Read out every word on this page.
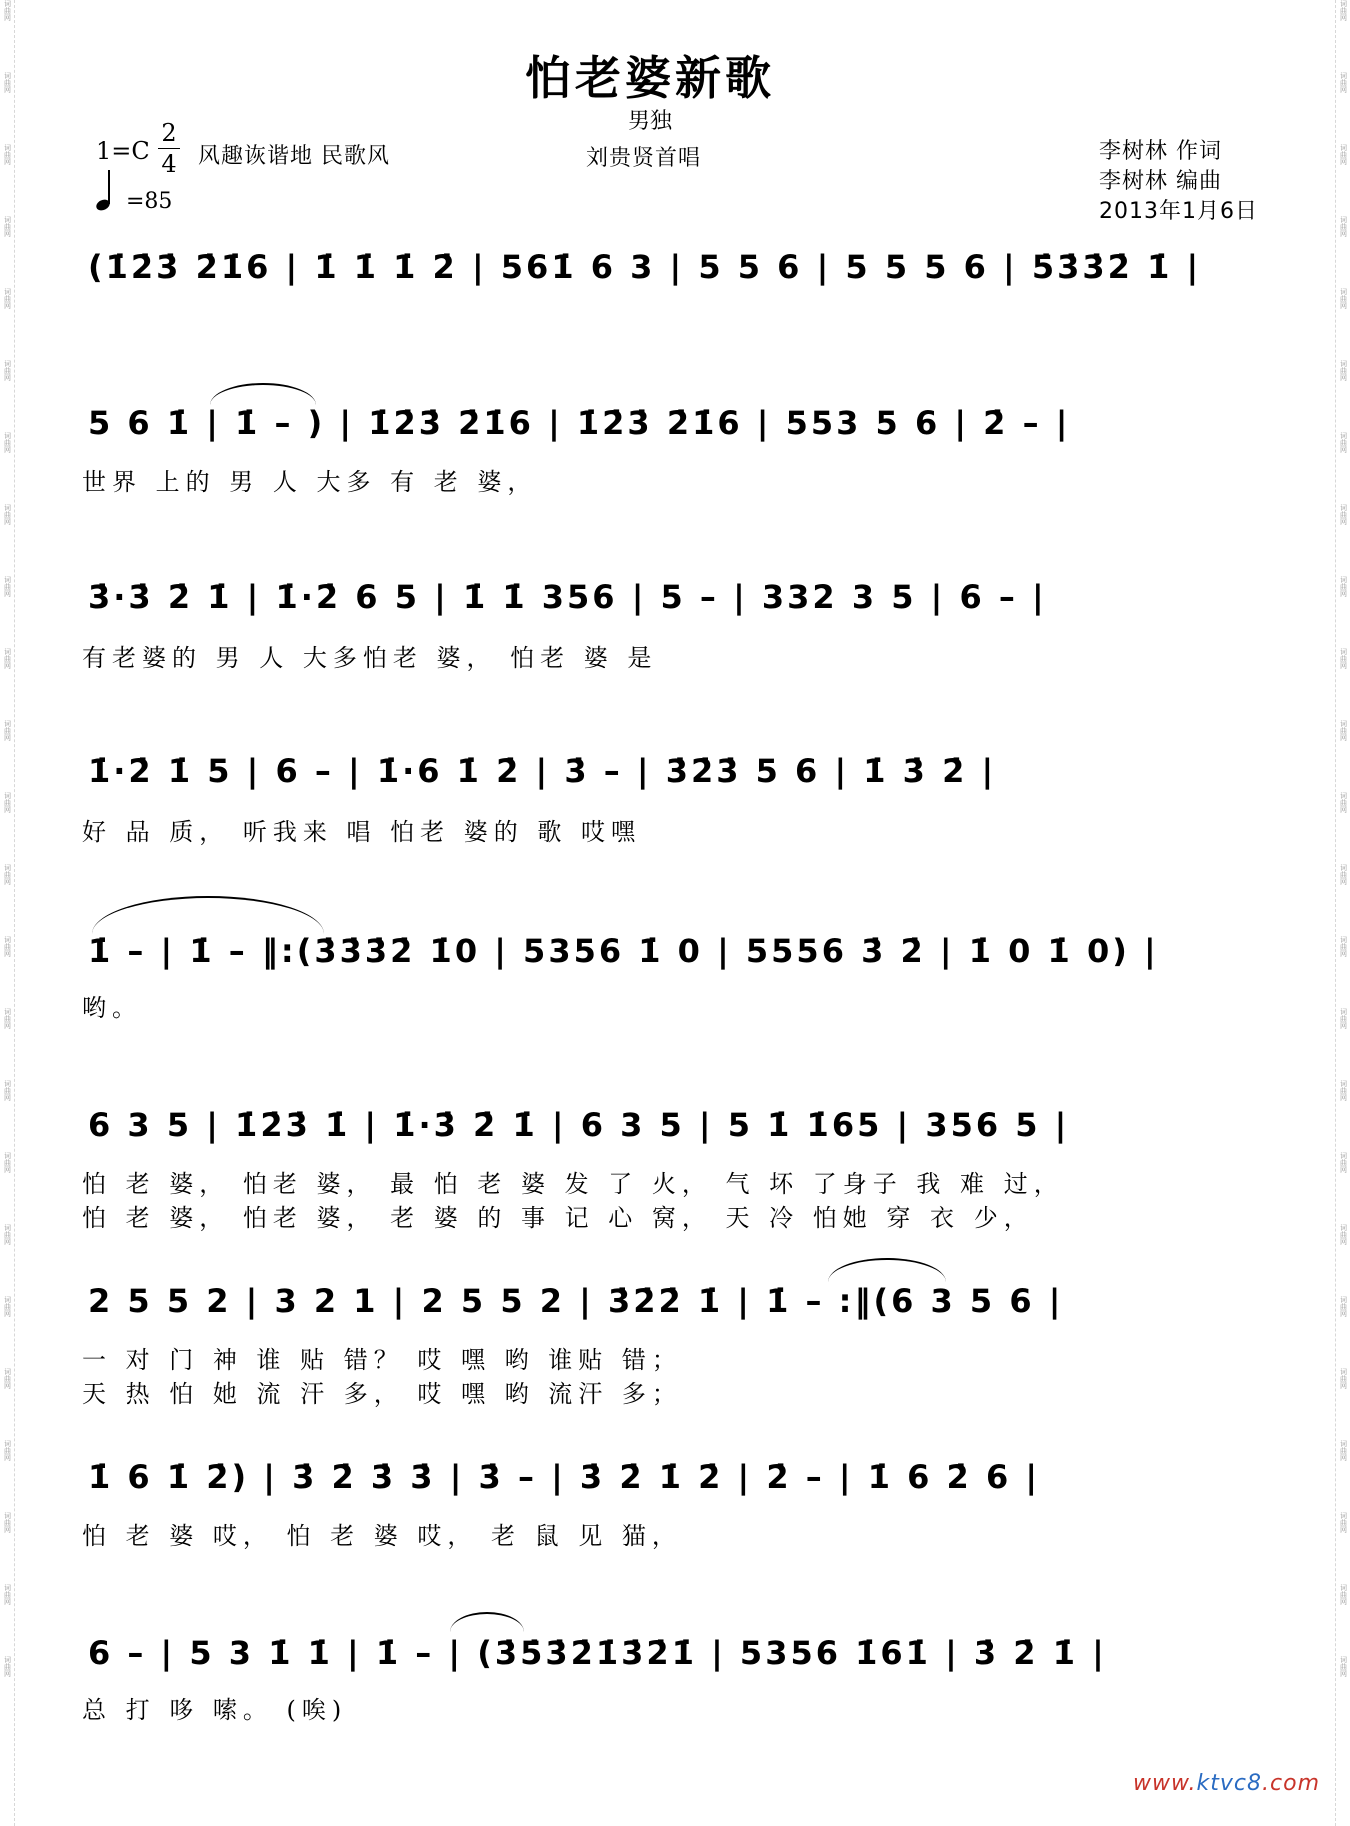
词曲网
词曲网
词曲网
词曲网
词曲网
词曲网
词曲网
词曲网
词曲网
词曲网
词曲网
词曲网
词曲网
词曲网
词曲网
词曲网
词曲网
词曲网
词曲网
词曲网
词曲网
词曲网
词曲网
词曲网
词曲网
词曲网
词曲网
词曲网
词曲网
词曲网
词曲网
词曲网
词曲网
词曲网
词曲网
词曲网
词曲网
词曲网
词曲网
词曲网
词曲网
词曲网
词曲网
词曲网
词曲网
词曲网
词曲网
词曲网
怕老婆新歌
男独
刘贵贤首唱
$1=C \frac{2}{4}$ 风趣诙谐地 民歌风
=85
李树林 作词
李树林 编曲
2013年1月6日
(1̇2̇3̇ 2̇1̇6 | 1̇ 1̇ 1̇ 2̇ | 561̇ 6 3 | 5 5 6 | 5 5 5 6 | 5̇3̇3̇2̇ 1̇ |
5 6 1̇ | 1̇ – ) | 1̇2̇3̇ 2̇1̇6 | 1̇2̇3̇ 2̇1̇6 | 553 5 6 | 2̇ – |
世界 上的 男 人 大多 有 老 婆，
3̇·3̇ 2̇ 1̇ | 1̇·2̇ 6 5 | 1̇ 1̇ 356 | 5 – | 332 3 5 | 6 – |
有老婆的 男 人 大多怕老 婆， 怕老 婆 是
1̇·2̇ 1̇ 5 | 6 – | 1̇·6 1̇ 2̇ | 3̇ – | 3̇2̇3̇ 5 6 | 1̇ 3̇ 2̇ |
好 品 质， 听我来 唱 怕老 婆的 歌 哎嘿
1̇ – | 1̇ – ‖:(3̇3̇3̇2̇ 1̇0 | 5356 1̇ 0 | 5556 3̇ 2̇ | 1̇ 0 1̇ 0) |
哟。
6 3 5 | 1̇2̇3̇ 1̇ | 1̇·3̇ 2̇ 1̇ | 6 3 5 | 5 1̇ 1̇65 | 356 5 |
怕 老 婆， 怕老 婆， 最 怕 老 婆 发 了 火， 气 坏 了身子 我 难 过，
怕 老 婆， 怕老 婆， 老 婆 的 事 记 心 窝， 天 冷 怕她 穿 衣 少，
2 5 5 2 | 3 2 1 | 2 5 5 2 | 3̇2̇2̇ 1̇ | 1̇ – :‖(6 3 5 6 |
一 对 门 神 谁 贴 错？ 哎 嘿 哟 谁贴 错；
天 热 怕 她 流 汗 多， 哎 嘿 哟 流汗 多；
1̇ 6 1̇ 2̇) | 3̇ 2̇ 3̇ 3̇ | 3̇ – | 3̇ 2̇ 1̇ 2̇ | 2̇ – | 1̇ 6 2̇ 6 |
怕 老 婆 哎， 怕 老 婆 哎， 老 鼠 见 猫，
6 – | 5 3 1̇ 1̇ | 1̇ – | (3̇5̇3̇2̇1̇3̇2̇1̇ | 5356 1̇61̇ | 3̇ 2̇ 1̇ |
总 打 哆 嗦。 (唉)
www.ktvc8.com
